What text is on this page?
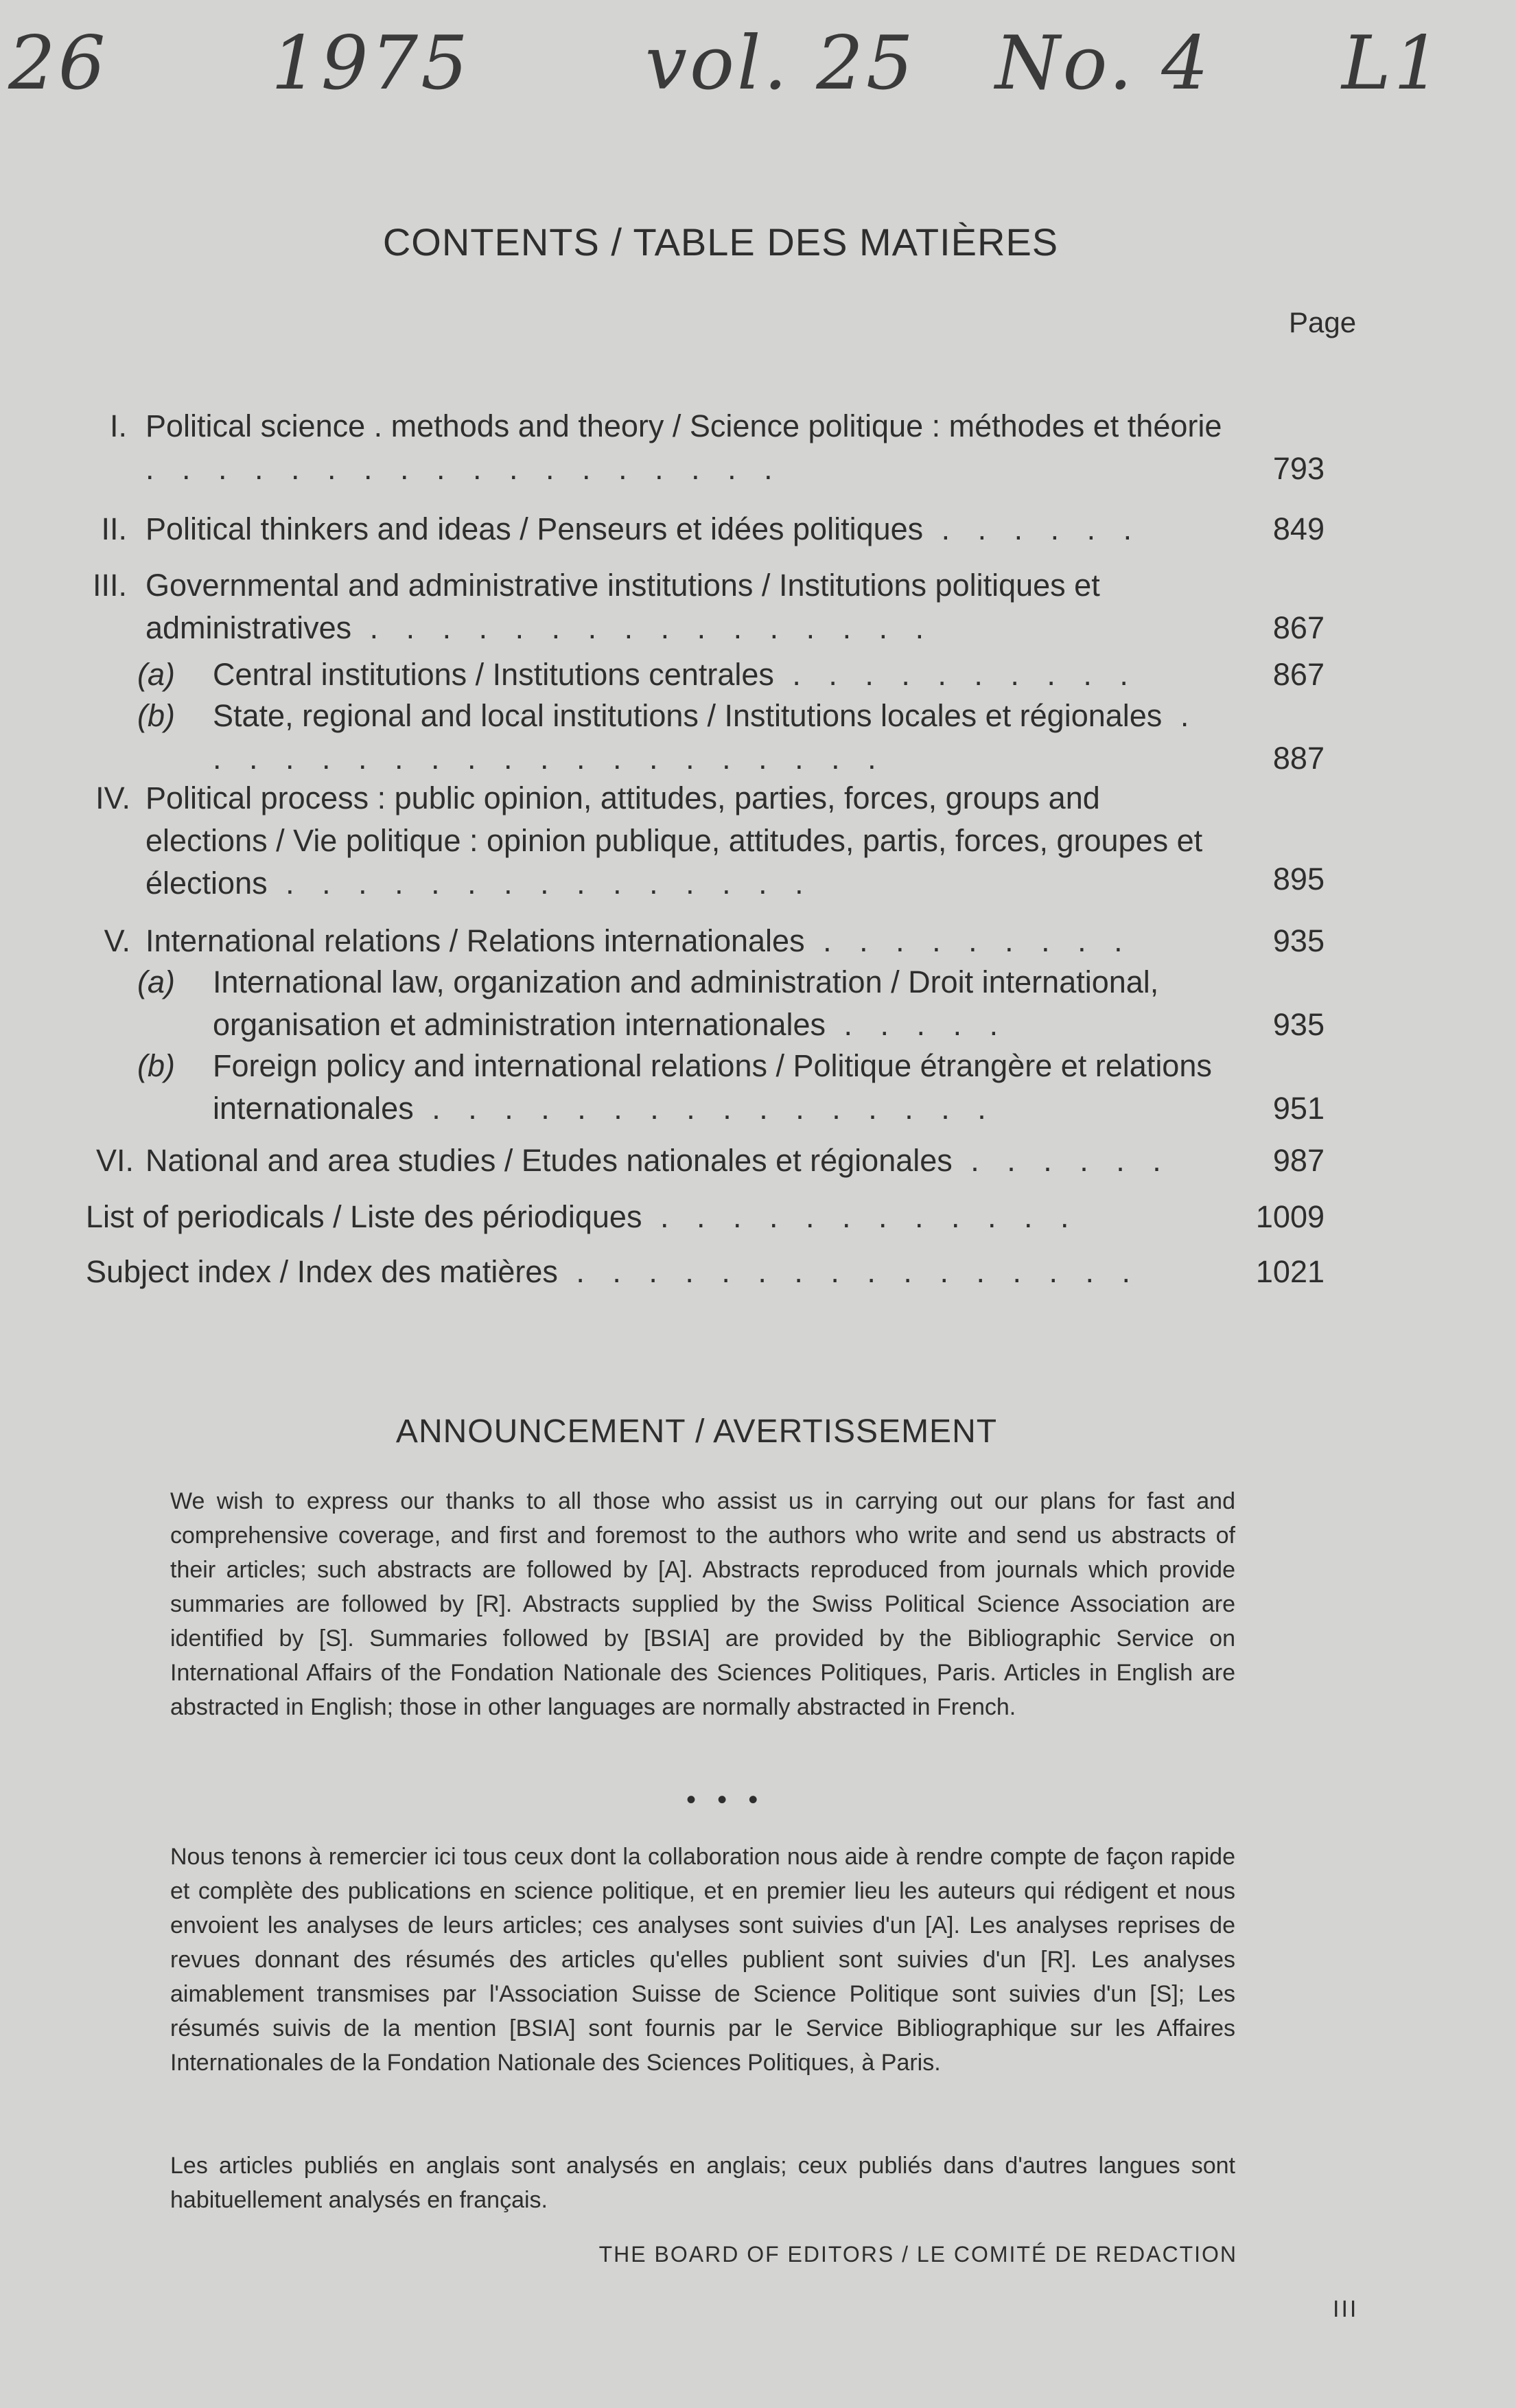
26 1975 vol. 25 No. 4 L1
CONTENTS / TABLE DES MATIÈRES
Page
I. Political science . methods and theory / Science politique : méthodes et théorie . . . . . . . . . . . . . . . . . .	793
II. Political thinkers and ideas / Penseurs et idées politiques . . . . . .	849
III. Governmental and administrative institutions / Institutions politiques et administratives . . . . . . . . . . . . . . . .	867
(a)	Central institutions / Institutions centrales . . . . . . . . . .	867
(b)	State, regional and local institutions / Institutions locales et régionales . . . . . . . . . . . . . . . . . . . .	887
IV. Political process : public opinion, attitudes, parties, forces, groups and elections / Vie politique : opinion publique, attitudes, partis, forces, groupes et élections . . . . . . . . . . . . . . .	895
V. International relations / Relations internationales . . . . . . . . .	935
(a)	International law, organization and administration / Droit international, organisation et administration internationales . . . . .	935
(b)	Foreign policy and international relations / Politique étrangère et relations internationales . . . . . . . . . . . . . . . .	951
VI. National and area studies / Etudes nationales et régionales . . . . . .	987
List of periodicals / Liste des périodiques . . . . . . . . . . . .	1009
Subject index / Index des matières . . . . . . . . . . . . . . . .	1021
ANNOUNCEMENT / AVERTISSEMENT
We wish to express our thanks to all those who assist us in carrying out our plans for fast and comprehensive coverage, and first and foremost to the authors who write and send us abstracts of their articles; such abstracts are followed by [A]. Abstracts reproduced from journals which provide summaries are followed by [R]. Abstracts supplied by the Swiss Political Science Association are identified by [S]. Summaries followed by [BSIA] are provided by the Bibliographic Service on International Affairs of the Fondation Nationale des Sciences Politiques, Paris. Articles in English are abstracted in English; those in other languages are normally abstracted in French.
• • •
Nous tenons à remercier ici tous ceux dont la collaboration nous aide à rendre compte de façon rapide et complète des publications en science politique, et en premier lieu les auteurs qui rédigent et nous envoient les analyses de leurs articles; ces analyses sont suivies d'un [A]. Les analyses reprises de revues donnant des résumés des articles qu'elles publient sont suivies d'un [R]. Les analyses aimablement transmises par l'Association Suisse de Science Politique sont suivies d'un [S]; Les résumés suivis de la mention [BSIA] sont fournis par le Service Bibliographique sur les Affaires Internationales de la Fondation Nationale des Sciences Politiques, à Paris.
Les articles publiés en anglais sont analysés en anglais; ceux publiés dans d'autres langues sont habituellement analysés en français.
THE BOARD OF EDITORS / LE COMITÉ DE REDACTION
III
